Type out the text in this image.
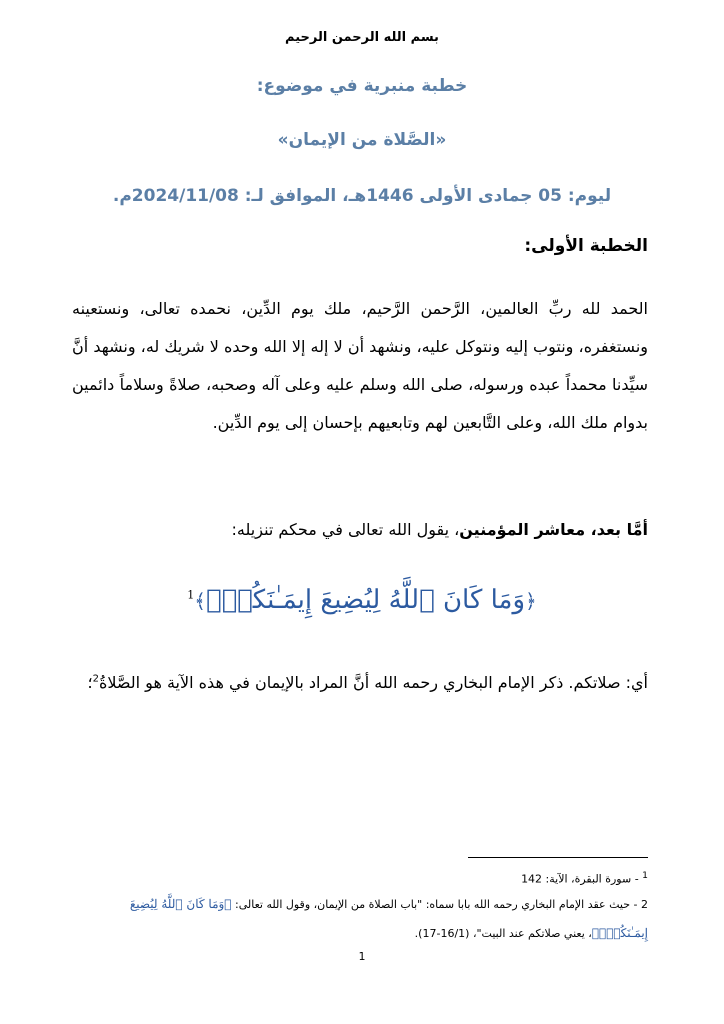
بسم الله الرحمن الرحيم
خطبة منبرية في موضوع:
«الصَّلاة من الإيمان»
ليوم: 05 جمادى الأولى 1446هـ، الموافق لـ: 2024/11/08م.
الخطبة الأولى:
الحمد لله ربِّ العالمين، الرَّحمن الرَّحيم، ملك يوم الدِّين، نحمده تعالى، ونستعينه ونستغفره، ونتوب إليه ونتوكل عليه، ونشهد أن لا إله إلا الله وحده لا شريك له، ونشهد أنَّ سيِّدنا محمداً عبده ورسوله، صلى الله وسلم عليه وعلى آله وصحبه، صلاةً وسلاماً دائمين بدوام ملك الله، وعلى التَّابعين لهم وتابعيهم بإحسان إلى يوم الدِّين.
أمَّا بعد، معاشر المؤمنين، يقول الله تعالى في محكم تنزيله:
﴿وَمَا كَانَ ٱللَّهُ لِيُضِيعَ إِيمَـٰنَكُمْۚ﴾$^1$
أي: صلاتكم. ذكر الإمام البخاري رحمه الله أنَّ المراد بالإيمان في هذه الآية هو الصَّلاةُ$^2$؛
$^1$ - سورة البقرة، الآية: 142
2 - حيث عقد الإمام البخاري رحمه الله بابا سماه: "باب الصلاة من الإيمان، وقول الله تعالى: ﴿وَمَا كَانَ ٱللَّهُ لِيُضِيعَ إِيمَـٰنَكُمْۚ﴾، يعني صلاتكم عند البيت"، (16/1-17).
1
